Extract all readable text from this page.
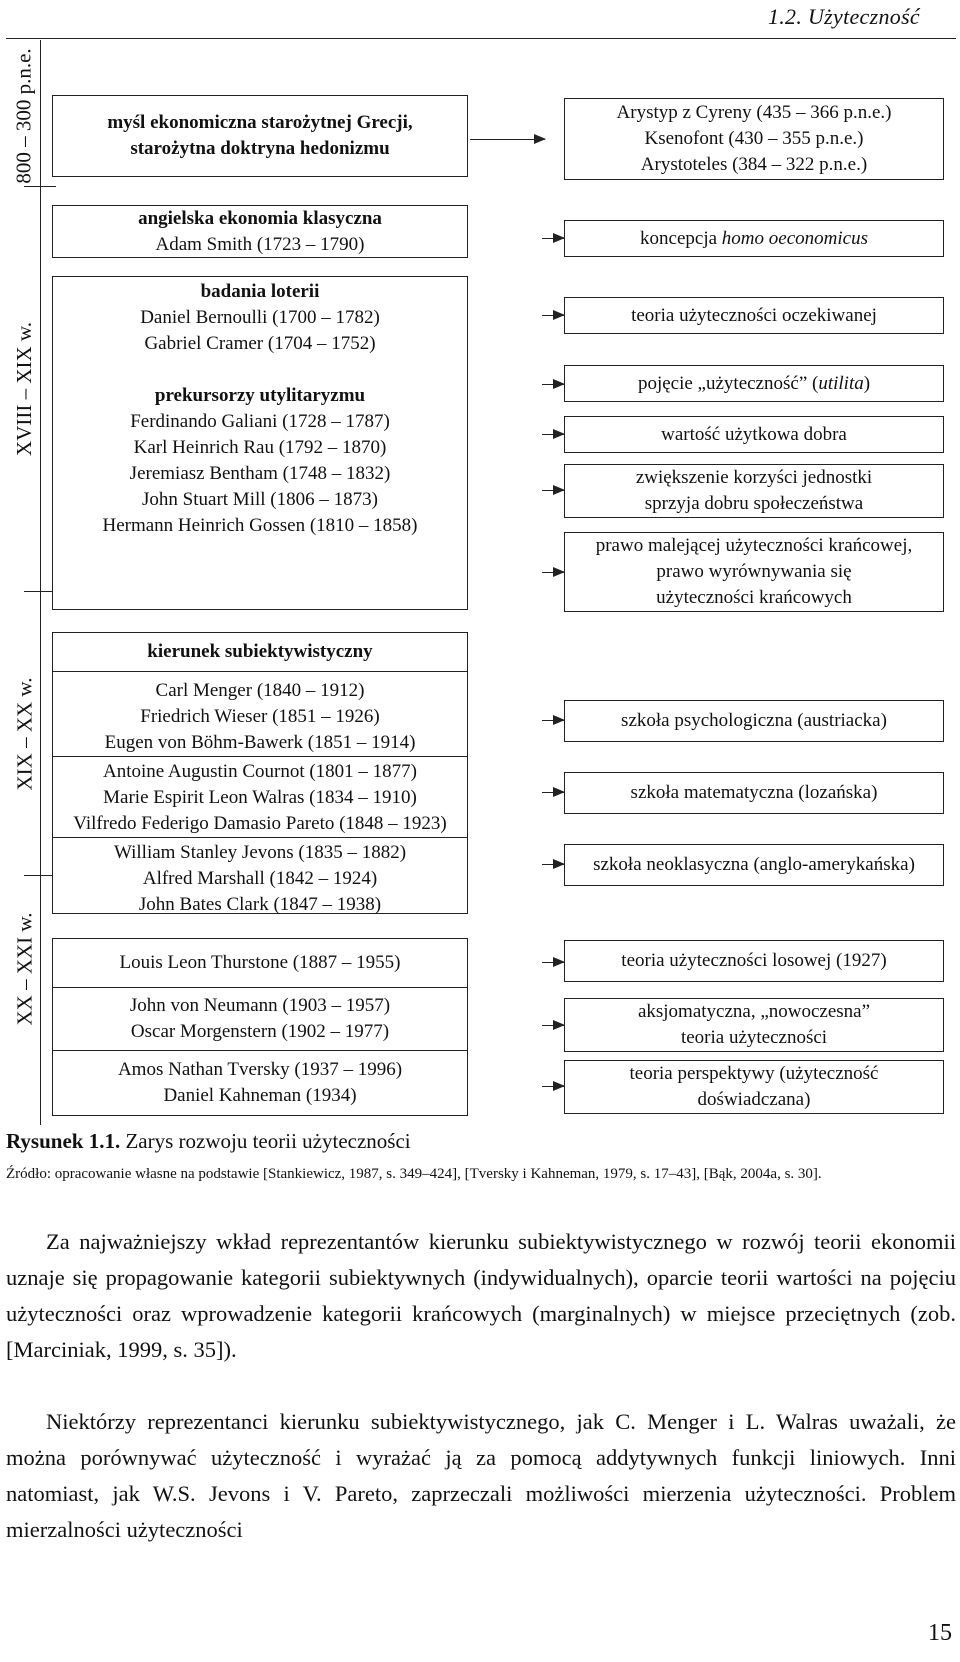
1.2. Użyteczność
800 – 300 p.n.e.
XVIII – XIX w.
XIX – XX w.
XX – XXI w.
myśl ekonomiczna starożytnej Grecji,
starożytna doktryna hedonizmu
angielska ekonomia klasyczna
Adam Smith (1723 – 1790)
badania loterii
Daniel Bernoulli (1700 – 1782)
Gabriel Cramer (1704 – 1752)
prekursorzy utylitaryzmu
Ferdinando Galiani (1728 – 1787)
Karl Heinrich Rau (1792 – 1870)
Jeremiasz Bentham (1748 – 1832)
John Stuart Mill (1806 – 1873)
Hermann Heinrich Gossen (1810 – 1858)
kierunek subiektywistyczny
Carl Menger (1840 – 1912)
Friedrich Wieser (1851 – 1926)
Eugen von Böhm-Bawerk (1851 – 1914)
Antoine Augustin Cournot (1801 – 1877)
Marie Espirit Leon Walras (1834 – 1910)
Vilfredo Federigo Damasio Pareto (1848 – 1923)
William Stanley Jevons (1835 – 1882)
Alfred Marshall (1842 – 1924)
John Bates Clark (1847 – 1938)
Louis Leon Thurstone (1887 – 1955)
John von Neumann (1903 – 1957)
Oscar Morgenstern (1902 – 1977)
Amos Nathan Tversky (1937 – 1996)
Daniel Kahneman (1934)
Arystyp z Cyreny (435 – 366 p.n.e.)
Ksenofont (430 – 355 p.n.e.)
Arystoteles (384 – 322 p.n.e.)
koncepcja homo oeconomicus
teoria użyteczności oczekiwanej
pojęcie „użyteczność” (utilita)
wartość użytkowa dobra
zwiększenie korzyści jednostki
sprzyja dobru społeczeństwa
prawo malejącej użyteczności krańcowej,
prawo wyrównywania się
użyteczności krańcowych
szkoła psychologiczna (austriacka)
szkoła matematyczna (lozańska)
szkoła neoklasyczna (anglo-amerykańska)
teoria użyteczności losowej (1927)
aksjomatyczna, „nowoczesna”
teoria użyteczności
teoria perspektywy (użyteczność
doświadczana)
Rysunek 1.1. Zarys rozwoju teorii użyteczności
Źródło: opracowanie własne na podstawie [Stankiewicz, 1987, s. 349–424], [Tversky i Kahneman, 1979, s. 17–43], [Bąk, 2004a, s. 30].
Za najważniejszy wkład reprezentantów kierunku subiektywistycznego w rozwój teorii ekonomii uznaje się propagowanie kategorii subiektywnych (indywidualnych), oparcie teorii wartości na pojęciu użyteczności oraz wprowadzenie kategorii krańcowych (marginalnych) w miejsce przeciętnych (zob. [Marciniak, 1999, s. 35]).
Niektórzy reprezentanci kierunku subiektywistycznego, jak C. Menger i L. Walras uważali, że można porównywać użyteczność i wyrażać ją za pomocą addytywnych funkcji liniowych. Inni natomiast, jak W.S. Jevons i V. Pareto, zaprzeczali możliwości mierzenia użyteczności. Problem mierzalności użyteczności
15
